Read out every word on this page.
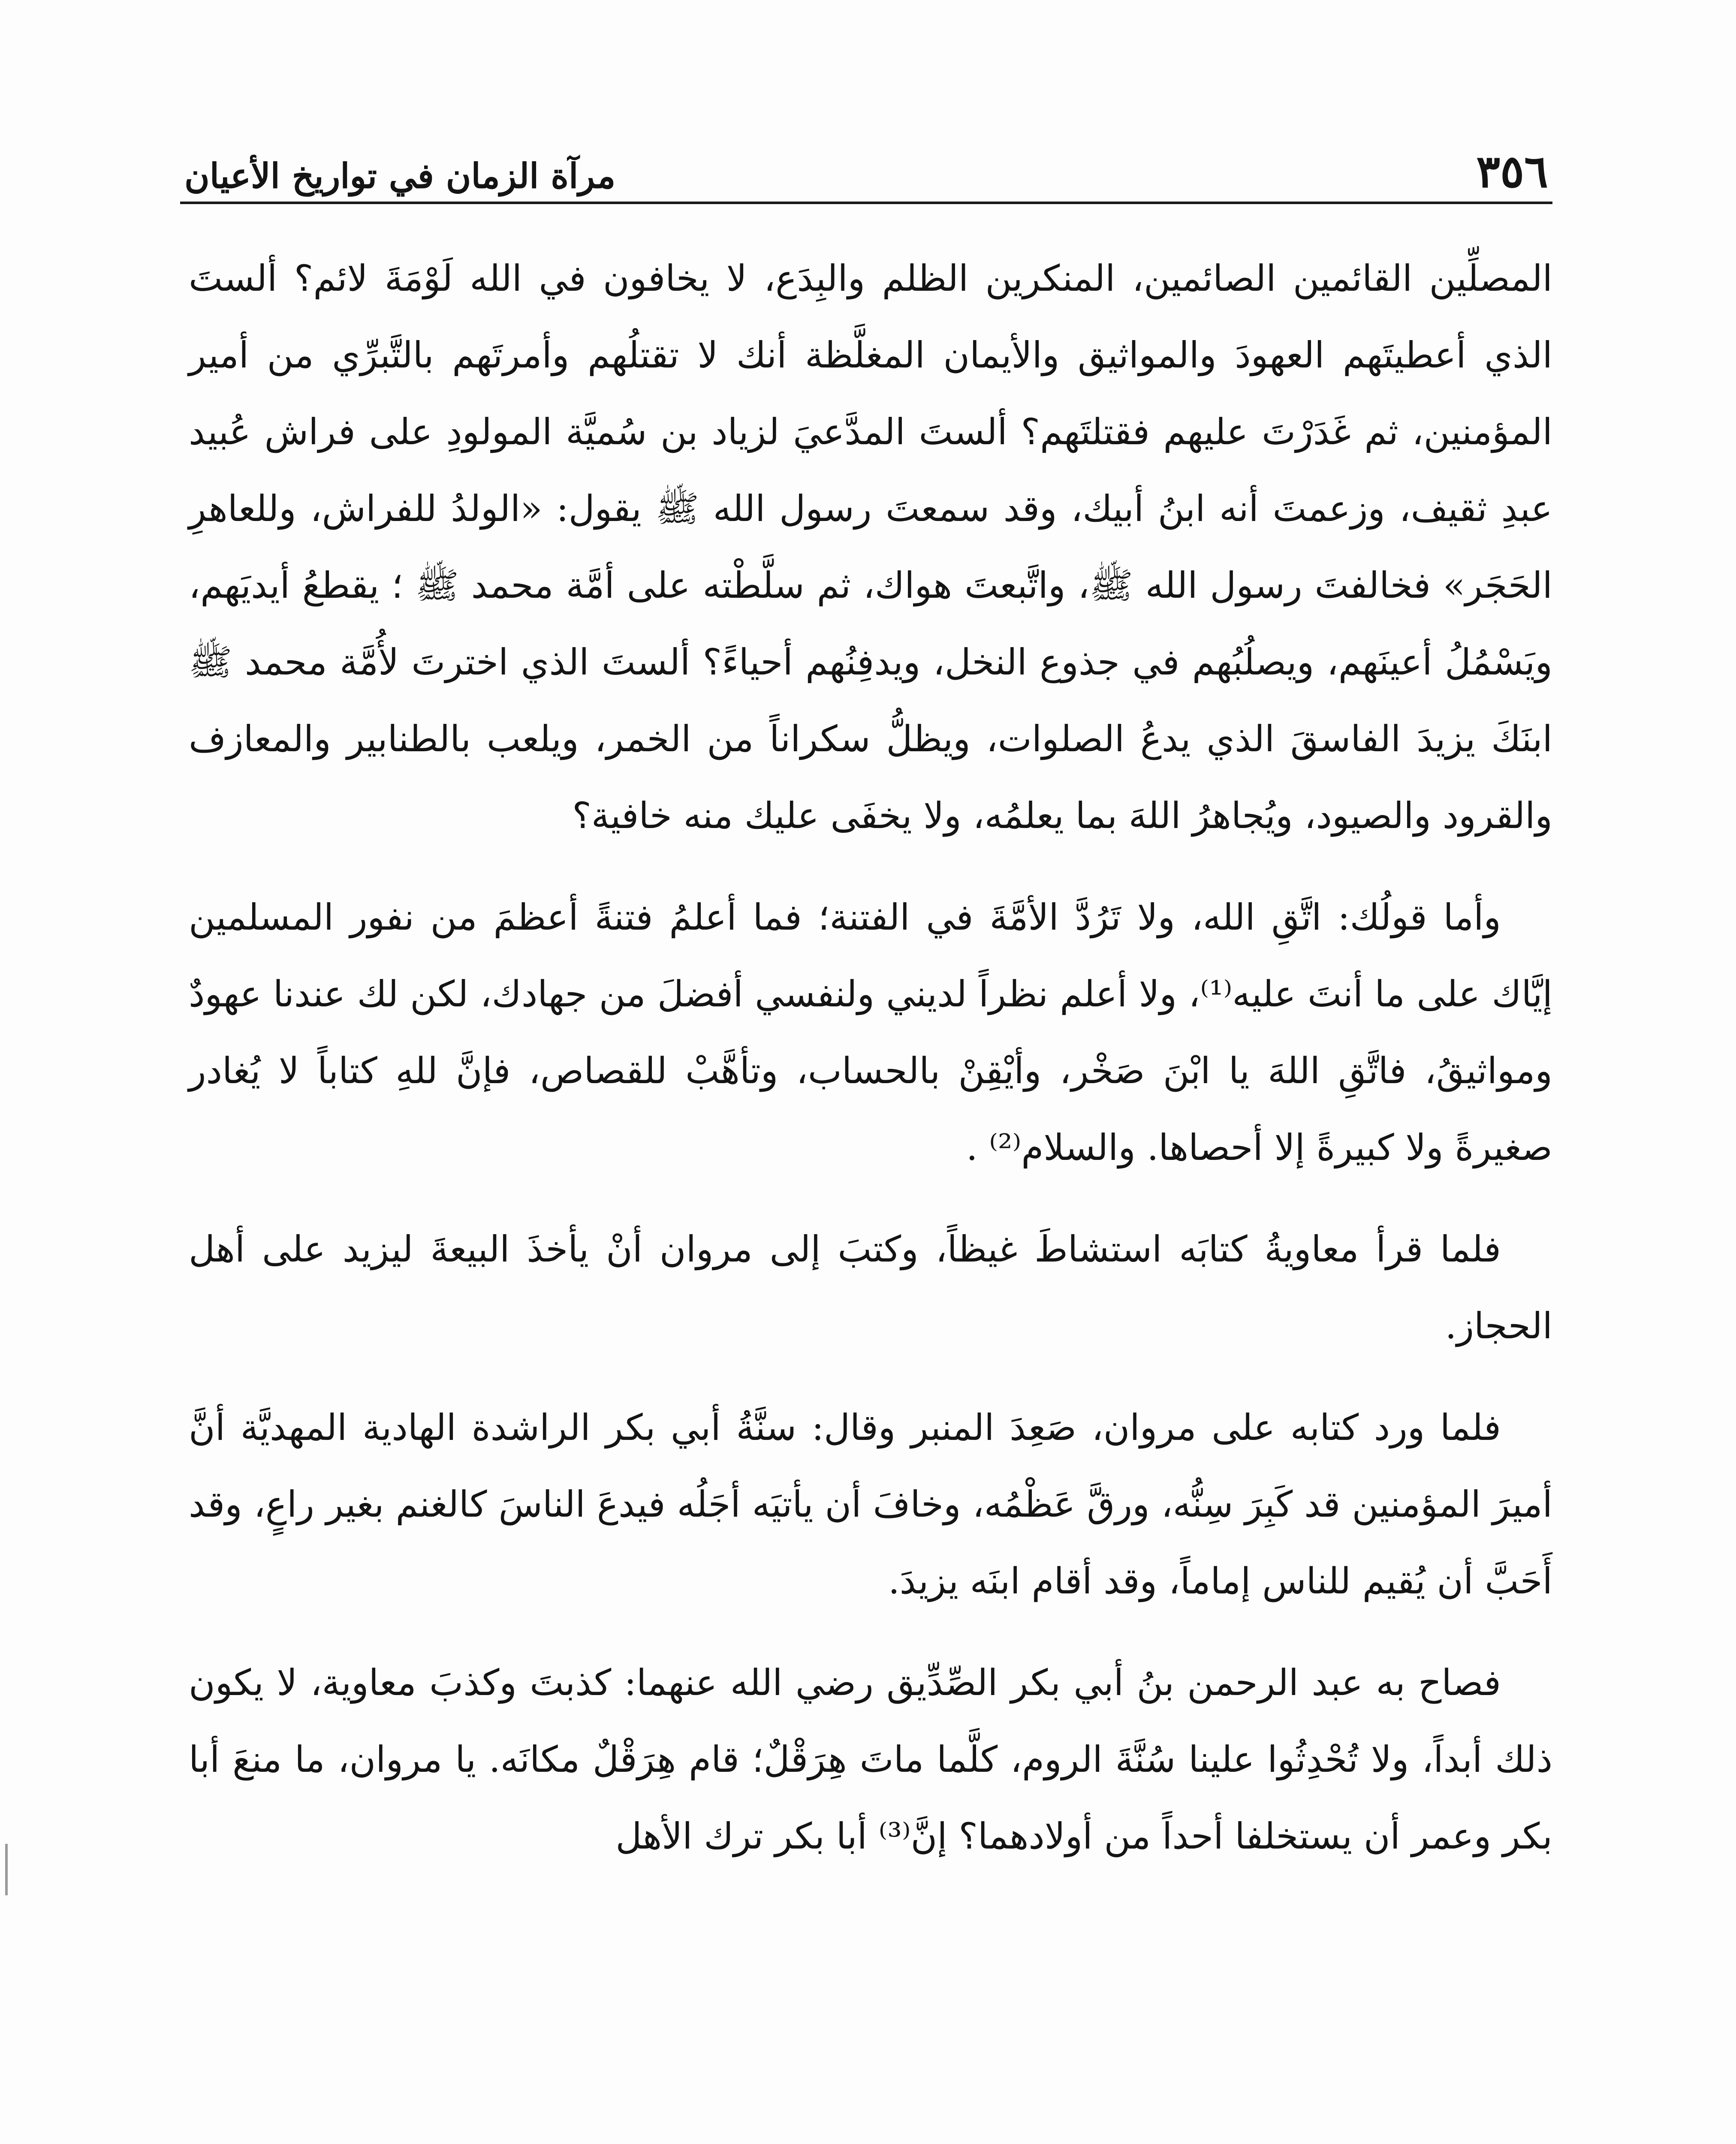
٣٥٦
مرآة الزمان في تواريخ الأعيان

المصلِّين القائمين الصائمين، المنكرين الظلم والبِدَع، لا يخافون في الله لَوْمَةَ لائم؟ ألستَ الذي أعطيتَهم العهودَ والمواثيق والأيمان المغلَّظة أنك لا تقتلُهم وأمرتَهم بالتَّبرِّي من أمير المؤمنين، ثم غَدَرْتَ عليهم فقتلتَهم؟ ألستَ المدَّعيَ لزياد بن سُميَّة المولودِ على فراش عُبيد عبدِ ثقيف، وزعمتَ أنه ابنُ أبيك، وقد سمعتَ رسول الله ﷺ يقول: «الولدُ للفراش، وللعاهرِ الحَجَر» فخالفتَ رسول الله ﷺ، واتَّبعتَ هواك، ثم سلَّطْته على أمَّة محمد ﷺ ؛ يقطعُ أيديَهم، ويَسْمُلُ أعينَهم، ويصلُبُهم في جذوع النخل، ويدفِنُهم أحياءً؟ ألستَ الذي اخترتَ لأُمَّة محمد ﷺ ابنَكَ يزيدَ الفاسقَ الذي يدعُ الصلوات، ويظلُّ سكراناً من الخمر، ويلعب بالطنابير والمعازف والقرود والصيود، ويُجاهرُ اللهَ بما يعلمُه، ولا يخفَى عليك منه خافية؟

وأما قولُك: اتَّقِ الله، ولا تَرُدَّ الأمَّةَ في الفتنة؛ فما أعلمُ فتنةً أعظمَ من نفور المسلمين إيَّاك على ما أنتَ عليه⁽¹⁾، ولا أعلم نظراً لديني ولنفسي أفضلَ من جهادك، لكن لك عندنا عهودٌ ومواثيقُ، فاتَّقِ اللهَ يا ابْنَ صَخْر، وأيْقِنْ بالحساب، وتأهَّبْ للقصاص، فإنَّ للهِ كتاباً لا يُغادر صغيرةً ولا كبيرةً إلا أحصاها. والسلام⁽²⁾ .

فلما قرأ معاويةُ كتابَه استشاطَ غيظاً، وكتبَ إلى مروان أنْ يأخذَ البيعةَ ليزيد على أهل الحجاز.

فلما ورد كتابه على مروان، صَعِدَ المنبر وقال: سنَّةُ أبي بكر الراشدة الهادية المهديَّة أنَّ أميرَ المؤمنين قد كَبِرَ سِنُّه، ورقَّ عَظْمُه، وخافَ أن يأتيَه أجَلُه فيدعَ الناسَ كالغنم بغير راعٍ، وقد أَحَبَّ أن يُقيم للناس إماماً، وقد أقام ابنَه يزيدَ.

فصاح به عبد الرحمن بنُ أبي بكر الصِّدِّيق رضي الله عنهما: كذبتَ وكذبَ معاوية، لا يكون ذلك أبداً، ولا تُحْدِثُوا علينا سُنَّةَ الروم، كلَّما ماتَ هِرَقْلٌ؛ قام هِرَقْلٌ مكانَه. يا مروان، ما منعَ أبا بكر وعمر أن يستخلفا أحداً من أولادهما؟ إنَّ⁽³⁾ أبا بكر ترك الأهل
